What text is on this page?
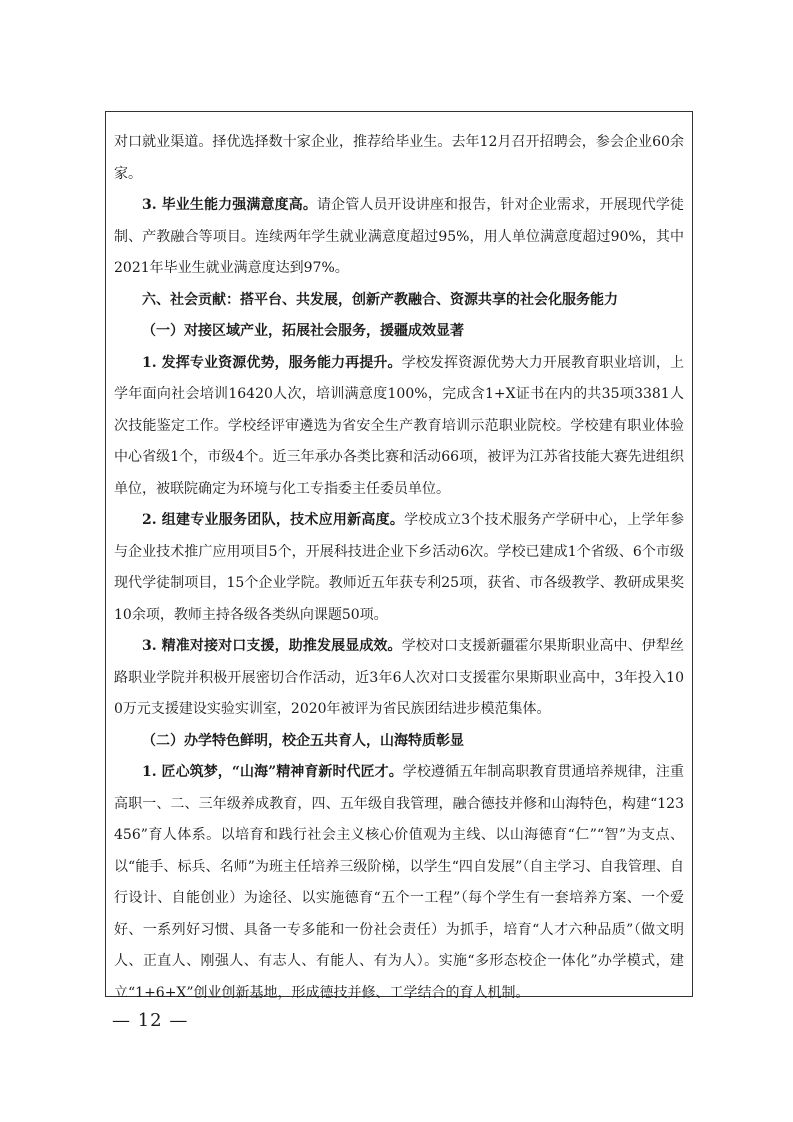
对口就业渠道。择优选择数十家企业，推荐给毕业生。去年12月召开招聘会，参会企业60余家。

3. 毕业生能力强满意度高。请企管人员开设讲座和报告，针对企业需求，开展现代学徒制、产教融合等项目。连续两年学生就业满意度超过95%，用人单位满意度超过90%，其中2021年毕业生就业满意度达到97%。

六、社会贡献：搭平台、共发展，创新产教融合、资源共享的社会化服务能力

（一）对接区域产业，拓展社会服务，援疆成效显著

1. 发挥专业资源优势，服务能力再提升。学校发挥资源优势大力开展教育职业培训，上学年面向社会培训16420人次，培训满意度100%，完成含1+X证书在内的共35项3381人次技能鉴定工作。学校经评审遴选为省安全生产教育培训示范职业院校。学校建有职业体验中心省级1个，市级4个。近三年承办各类比赛和活动66项，被评为江苏省技能大赛先进组织单位，被联院确定为环境与化工专指委主任委员单位。

2. 组建专业服务团队，技术应用新高度。学校成立3个技术服务产学研中心，上学年参与企业技术推广应用项目5个，开展科技进企业下乡活动6次。学校已建成1个省级、6个市级现代学徒制项目，15个企业学院。教师近五年获专利25项，获省、市各级教学、教研成果奖10余项，教师主持各级各类纵向课题50项。

3. 精准对接对口支援，助推发展显成效。学校对口支援新疆霍尔果斯职业高中、伊犁丝路职业学院并积极开展密切合作活动，近3年6人次对口支援霍尔果斯职业高中，3年投入100万元支援建设实验实训室，2020年被评为省民族团结进步模范集体。

（二）办学特色鲜明，校企五共育人，山海特质彰显

1. 匠心筑梦，“山海”精神育新时代匠才。学校遵循五年制高职教育贯通培养规律，注重高职一、二、三年级养成教育，四、五年级自我管理，融合德技并修和山海特色，构建“123456”育人体系。以培育和践行社会主义核心价值观为主线、以山海德育“仁”“智”为支点、以“能手、标兵、名师”为班主任培养三级阶梯，以学生“四自发展”（自主学习、自我管理、自行设计、自能创业）为途径、以实施德育“五个一工程”（每个学生有一套培养方案、一个爱好、一系列好习惯、具备一专多能和一份社会责任）为抓手，培育“人才六种品质”（做文明人、正直人、刚强人、有志人、有能人、有为人）。实施“多形态校企一体化”办学模式，建立“1+6+X”创业创新基地，形成德技并修、工学结合的育人机制。

— 12 —
